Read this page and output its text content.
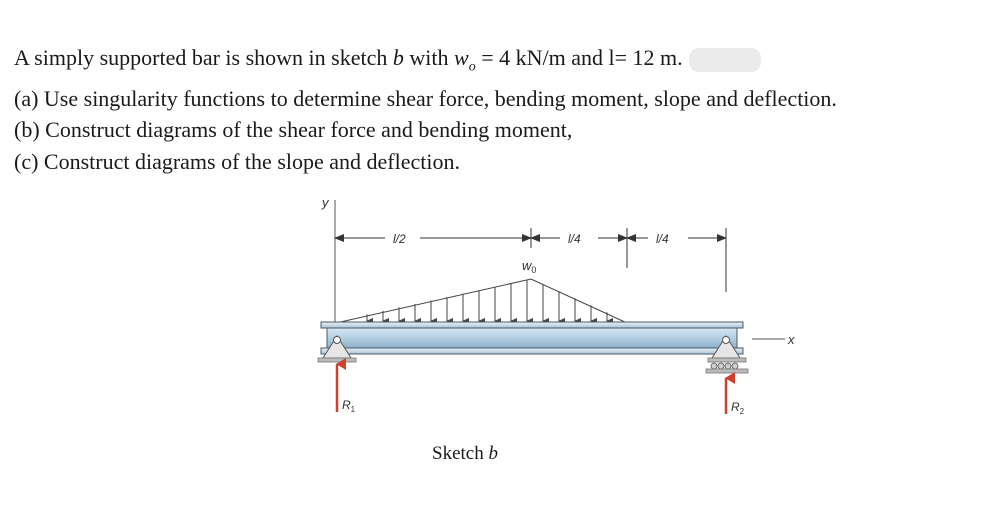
A simply supported bar is shown in sketch b with $w_o = 4$ kN/m and l= 12 m.
(a) Use singularity functions to determine shear force, bending moment, slope and deflection.
(b) Construct diagrams of the shear force and bending moment,
(c) Construct diagrams of the slope and deflection.
y
l/2	l/4	l/4
$w_0$
x
$R_1$	$R_2$
Sketch b
